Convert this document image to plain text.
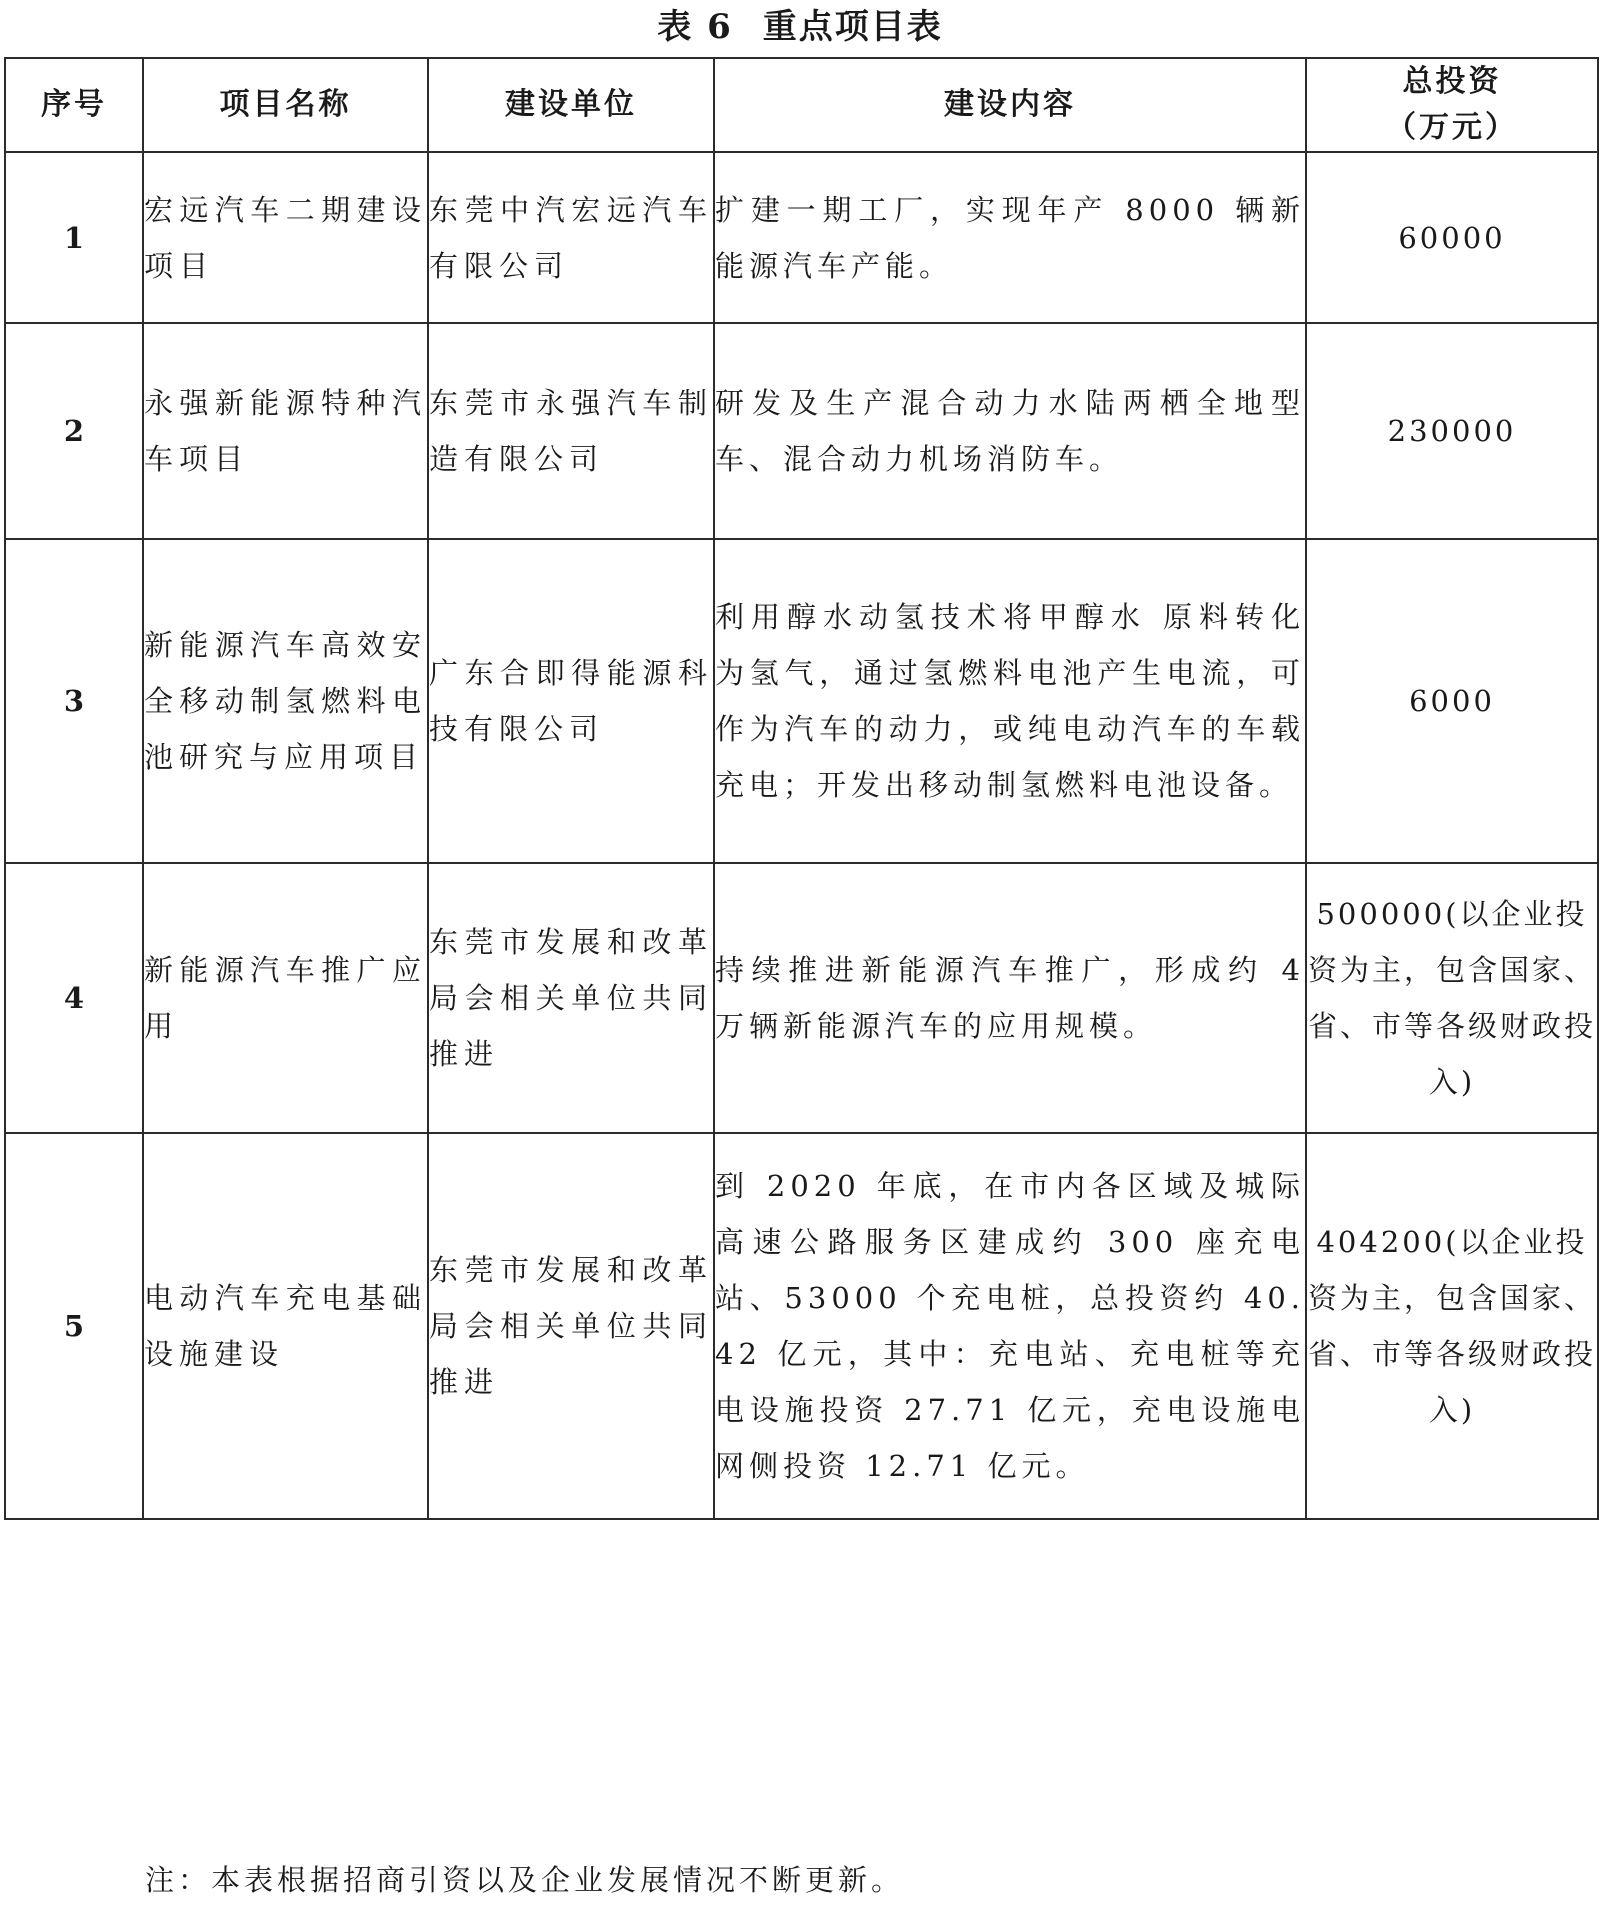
表 6 重点项目表
序号	项目名称	建设单位	建设内容	总投资
（万元）

1	宏远汽车二期建设项目	东莞中汽宏远汽车有限公司	扩建一期工厂，实现年产 8000 辆新能源汽车产能。	60000
2	永强新能源特种汽车项目	东莞市永强汽车制造有限公司	研发及生产混合动力水陆两栖全地型车、混合动力机场消防车。	230000
3	新能源汽车高效安全移动制氢燃料电池研究与应用项目	广东合即得能源科技有限公司	利用醇水动氢技术将甲醇水 原料转化为氢气，通过氢燃料电池产生电流，可作为汽车的动力，或纯电动汽车的车载充电；开发出移动制氢燃料电池设备。	6000
4	新能源汽车推广应用	东莞市发展和改革局会相关单位共同推进	持续推进新能源汽车推广，形成约 4 万辆新能源汽车的应用规模。	500000(以企业投资为主，包含国家、省、市等各级财政投入)
5	电动汽车充电基础设施建设	东莞市发展和改革局会相关单位共同推进	到 2020 年底，在市内各区域及城际高速公路服务区建成约 300 座充电站、53000 个充电桩，总投资约 40.42 亿元，其中：充电站、充电桩等充电设施投资 27.71 亿元，充电设施电网侧投资 12.71 亿元。	404200(以企业投资为主，包含国家、省、市等各级财政投入)
注：本表根据招商引资以及企业发展情况不断更新。
